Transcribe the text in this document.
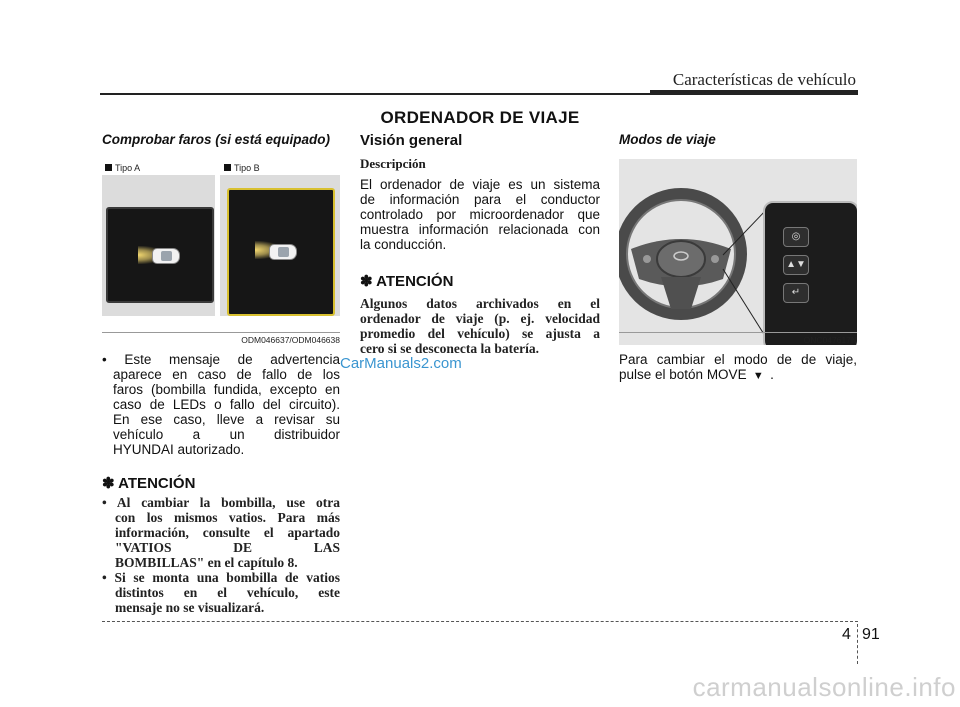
Características de vehículo
ORDENADOR DE VIAJE
Comprobar faros (si está equipado)
Tipo A	Tipo B
ODM046637/ODM046638
• Este mensaje de advertencia
aparece en caso de fallo de los
faros (bombilla fundida, excepto en
caso de LEDs o fallo del circuito).
En ese caso, lleve a revisar su
vehículo a un distribuidor
HYUNDAI autorizado.
✽ ATENCIÓN
• Al cambiar la bombilla, use otra
con los mismos vatios. Para más
información, consulte el apartado
"VATIOS DE LAS
BOMBILLAS" en el capítulo 8.
• Si se monta una bombilla de vatios
distintos en el vehículo, este
mensaje no se visualizará.
Visión general
Descripción
El ordenador de viaje es un sistema
de información para el conductor
controlado por microordenador que
muestra información relacionada con
la conducción.
✽ ATENCIÓN
Algunos datos archivados en el
ordenador de viaje (p. ej. velocidad
promedio del vehículo) se ajusta a
cero si se desconecta la batería.
Modos de viaje
◎
▲▼
↵
ONC047617N
Para cambiar el modo de de viaje,
pulse el botón MOVE ▼ .
CarManuals2.com
4 91
carmanualsonline.info
